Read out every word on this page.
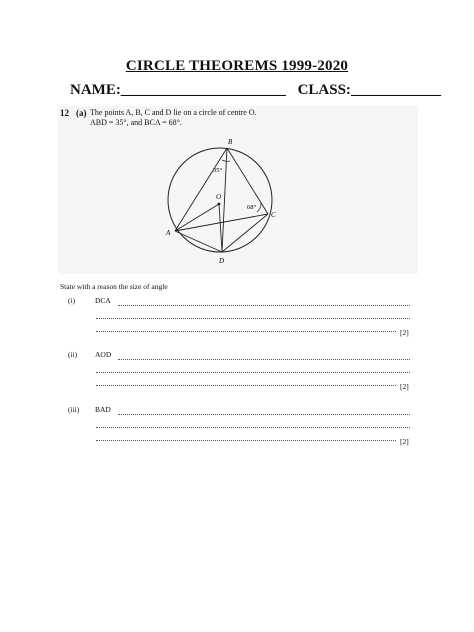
CIRCLE THEOREMS 1999-2020
NAME:______________________ CLASS:____________
12 (a) The points A, B, C and D lie on a circle of centre O.
ABD = 35°, and BCA = 68°.
B
C
A
D
O
35°
68°
State with a reason the size of angle
(i)	DCA
[2]
(ii) AOD
[2]
(iii) BAD
[2]
